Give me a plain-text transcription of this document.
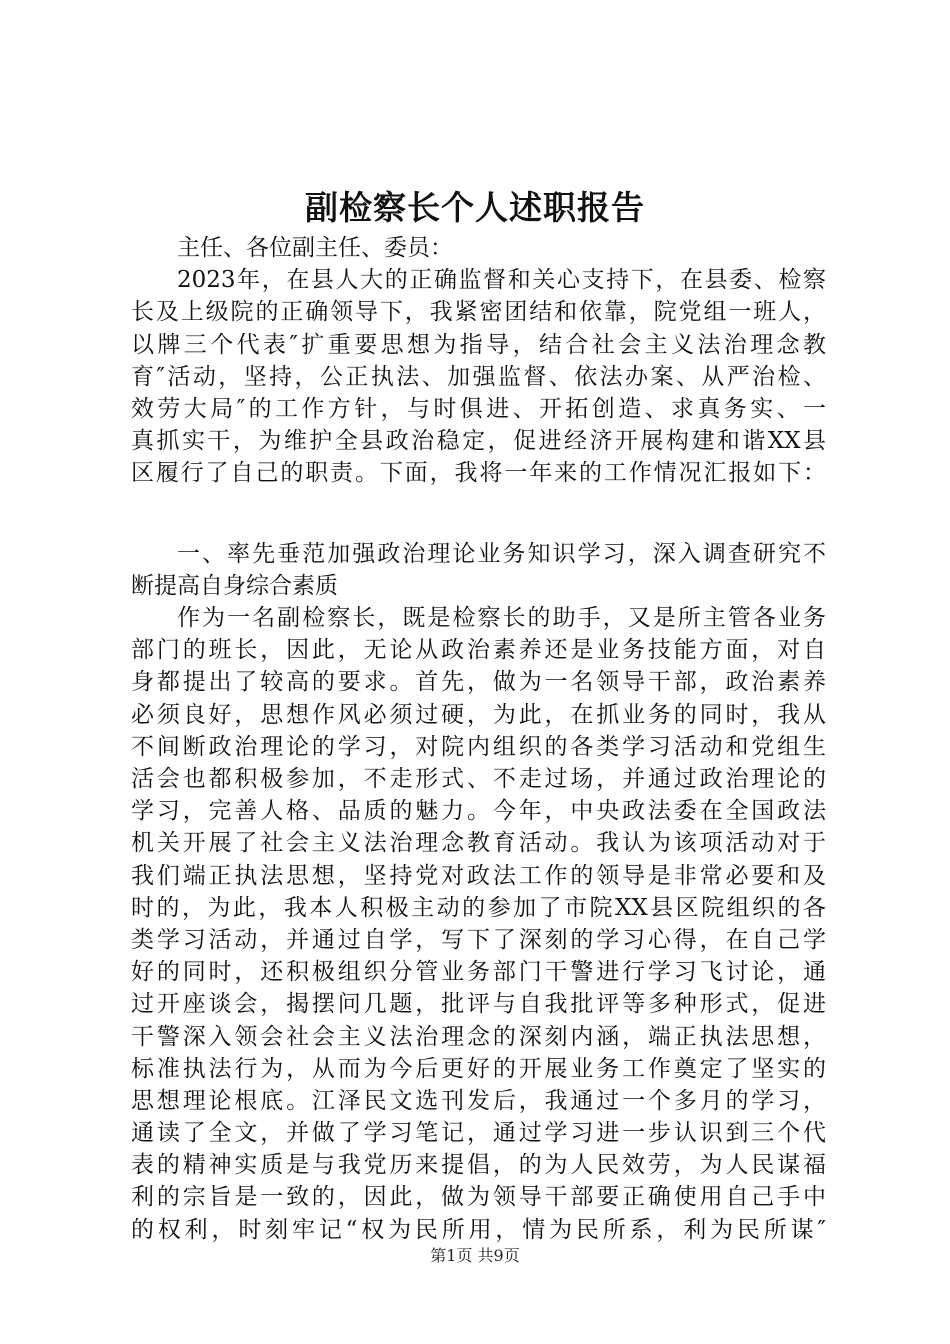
副检察长个人述职报告
主任、各位副主任、委员：
2023年，在县人大的正确监督和关心支持下，在县委、检察
长及上级院的正确领导下，我紧密团结和依靠，院党组一班人，
以牌三个代表″扩重要思想为指导，结合社会主义法治理念教
育″活动，坚持，公正执法、加强监督、依法办案、从严治检、
效劳大局″的工作方针，与时俱进、开拓创造、求真务实、一
真抓实干，为维护全县政治稳定，促进经济开展构建和谐XX县
区履行了自己的职责。下面，我将一年来的工作情况汇报如下：
一、率先垂范加强政治理论业务知识学习，深入调查研究不
断提高自身综合素质
作为一名副检察长，既是检察长的助手，又是所主管各业务
部门的班长，因此，无论从政治素养还是业务技能方面，对自
身都提出了较高的要求。首先，做为一名领导干部，政治素养
必须良好，思想作风必须过硬，为此，在抓业务的同时，我从
不间断政治理论的学习，对院内组织的各类学习活动和党组生
活会也都积极参加，不走形式、不走过场，并通过政治理论的
学习，完善人格、品质的魅力。今年，中央政法委在全国政法
机关开展了社会主义法治理念教育活动。我认为该项活动对于
我们端正执法思想，坚持党对政法工作的领导是非常必要和及
时的，为此，我本人积极主动的参加了市院XX县区院组织的各
类学习活动，并通过自学，写下了深刻的学习心得，在自己学
好的同时，还积极组织分管业务部门干警进行学习飞讨论，通
过开座谈会，揭摆问几题，批评与自我批评等多种形式，促进
干警深入领会社会主义法治理念的深刻内涵，端正执法思想，
标准执法行为，从而为今后更好的开展业务工作奠定了坚实的
思想理论根底。江泽民文选刊发后，我通过一个多月的学习，
通读了全文，并做了学习笔记，通过学习进一步认识到三个代
表的精神实质是与我党历来提倡，的为人民效劳，为人民谋福
利的宗旨是一致的，因此，做为领导干部要正确使用自己手中
的权利，时刻牢记“权为民所用，情为民所系，利为民所谋″
第1页 共9页
